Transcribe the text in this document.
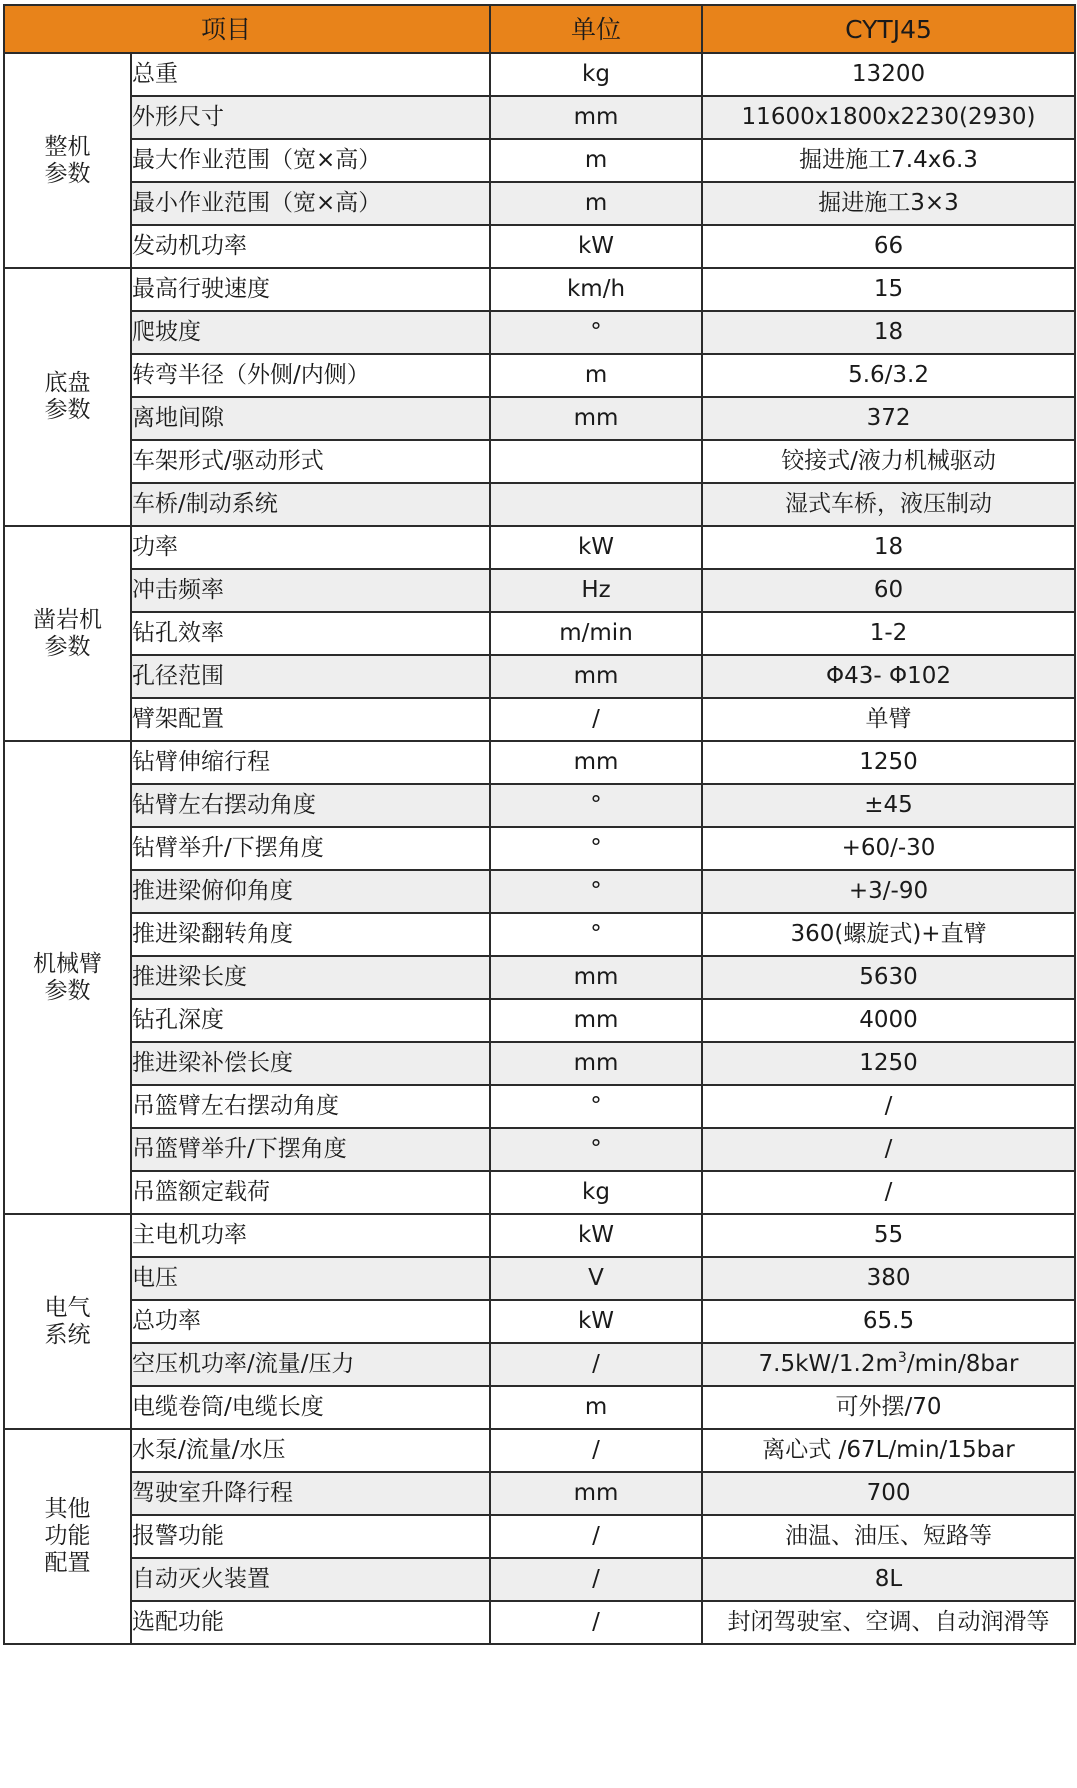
项目		单位	CYTJ45
整机
参数	总重	kg	13200
	外形尺寸	mm	11600x1800x2230(2930)
	最大作业范围（宽×高）	m	掘进施工7.4x6.3
	最小作业范围（宽×高）	m	掘进施工3×3
	发动机功率	kW	66
底盘
参数	最高行驶速度	km/h	15
	爬坡度	°	18
	转弯半径（外侧/内侧）	m	5.6/3.2
	离地间隙	mm	372
	车架形式/驱动形式		铰接式/液力机械驱动
	车桥/制动系统		湿式车桥，液压制动
凿岩机
参数	功率	kW	18
	冲击频率	Hz	60
	钻孔效率	m/min	1-2
	孔径范围	mm	Φ43- Φ102
	臂架配置	/	单臂
机械臂
参数	钻臂伸缩行程	mm	1250
	钻臂左右摆动角度	°	±45
	钻臂举升/下摆角度	°	+60/-30
	推进梁俯仰角度	°	+3/-90
	推进梁翻转角度	°	360(螺旋式)+直臂
	推进梁长度	mm	5630
	钻孔深度	mm	4000
	推进梁补偿长度	mm	1250
	吊篮臂左右摆动角度	°	/
	吊篮臂举升/下摆角度	°	/
	吊篮额定载荷	kg	/
电气
系统	主电机功率	kW	55
	电压	V	380
	总功率	kW	65.5
	空压机功率/流量/压力	/	$7.5kW/1.2m^3/\min/8bar$
	电缆卷筒/电缆长度	m	可外摆/70
其他
功能
配置	水泵/流量/水压	/	离心式 /67L/min/15bar
	驾驶室升降行程	mm	700
	报警功能	/	油温、油压、短路等
	自动灭火装置	/	8L
	选配功能	/	封闭驾驶室、空调、自动润滑等
